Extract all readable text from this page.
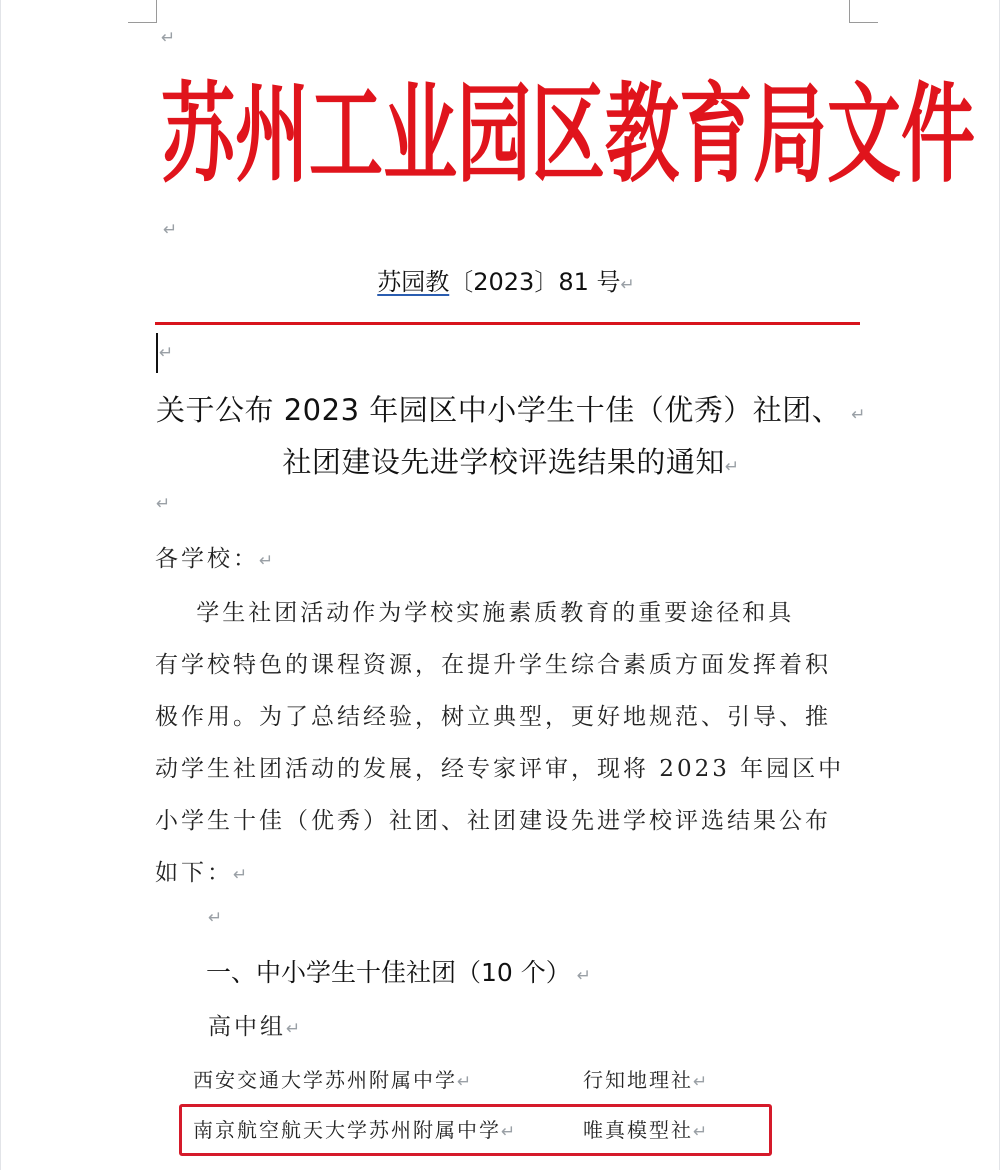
↵
苏 州 工 业 园 区 教 育 局 文 件
↵
苏园教〔2023〕81 号↵
↵
关于公布 2023 年园区中小学生十佳（优秀）社团、 ↵
社团建设先进学校评选结果的通知↵
↵
各学校：↵
学生社团活动作为学校实施素质教育的重要途径和具
有学校特色的课程资源，在提升学生综合素质方面发挥着积
极作用。为了总结经验，树立典型，更好地规范、引导、推
动学生社团活动的发展，经专家评审，现将 2023 年园区中
小学生十佳（优秀）社团、社团建设先进学校评选结果公布
如下：↵
↵
一、中小学生十佳社团（10 个） ↵
高中组↵
西安交通大学苏州附属中学↵	行知地理社↵
南京航空航天大学苏州附属中学↵	唯真模型社↵
